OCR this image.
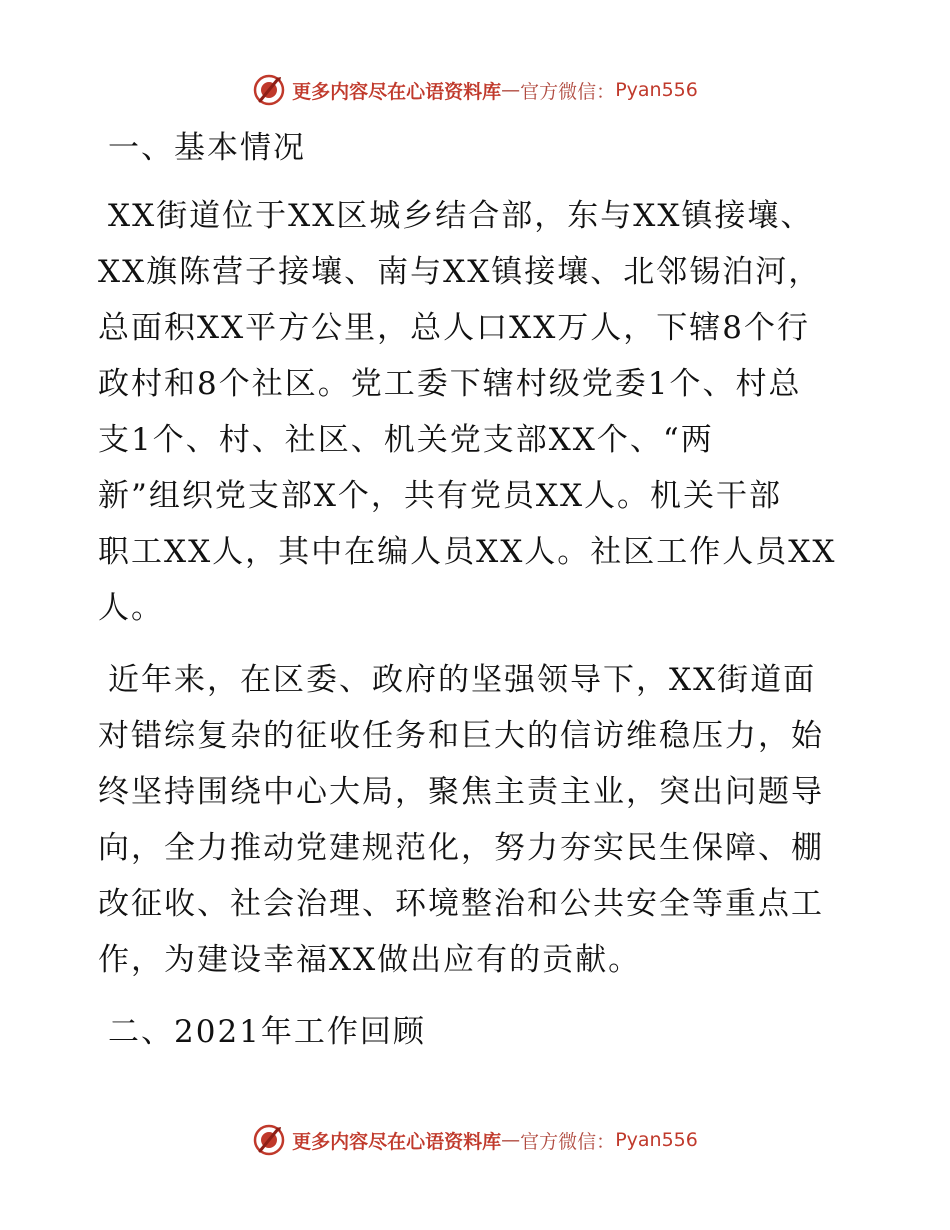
更多内容尽在心语资料库 — 官方微信： Pyan556
一、基本情况

XX街道位于XX区城乡结合部，东与XX镇接壤、

XX旗陈营子接壤、南与XX镇接壤、北邻锡泊河，
总面积XX平方公里，总人口XX万人，下辖8个行
政村和8个社区。党工委下辖村级党委1个、村总
支1个、村、社区、机关党支部XX个、“两
新”组织党支部X个，共有党员XX人。机关干部
职工XX人，其中在编人员XX人。社区工作人员XX
人。

近年来，在区委、政府的坚强领导下，XX街道面

对错综复杂的征收任务和巨大的信访维稳压力，始
终坚持围绕中心大局，聚焦主责主业，突出问题导
向，全力推动党建规范化，努力夯实民生保障、棚
改征收、社会治理、环境整治和公共安全等重点工
作，为建设幸福XX做出应有的贡献。

二、2021年工作回顾
更多内容尽在心语资料库 — 官方微信： Pyan556
